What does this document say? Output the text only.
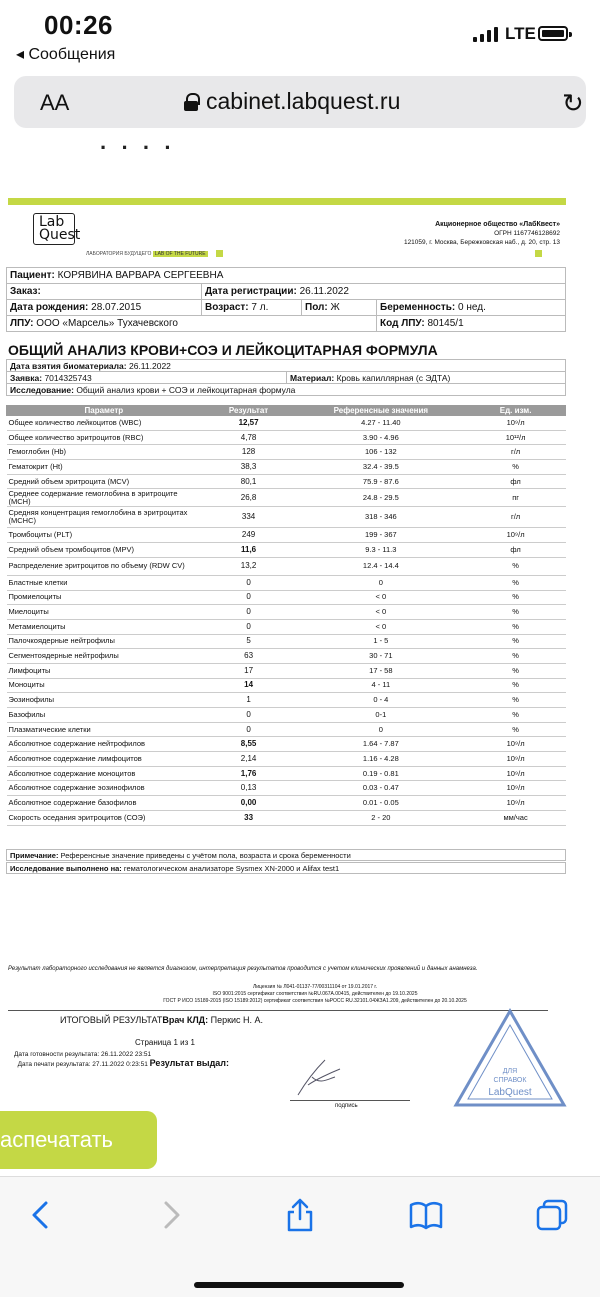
00:26
◂ Сообщения
LTE
AA	cabinet.labquest.ru	↻
· · · ·
Lab Quest
ЛАБОРАТОРИЯ БУДУЩЕГО LAB OF THE FUTURE
Акционерное общество «ЛабКвест»
ОГРН 1167746128692
121059, г. Москва, Бережковская наб., д. 20, стр. 13
Пациент: КОРЯВИНА ВАРВАРА СЕРГЕЕВНА			
Заказ:	Дата регистрации: 26.11.2022		
Дата рождения: 28.07.2015	Возраст: 7 л.	Пол: Ж	Беременность: 0 нед.
ЛПУ: ООО «Марсель» Тухачевского			Код ЛПУ: 80145/1
ОБЩИЙ АНАЛИЗ КРОВИ+СОЭ И ЛЕЙКОЦИТАРНАЯ ФОРМУЛА
Дата взятия биоматериала: 26.11.2022
Заявка: 7014325743	Материал: Кровь капиллярная (с ЭДТА)
Исследование: Общий анализ крови + СОЭ и лейкоцитарная формула
Параметр	Результат	Референсные значения	Ед. изм.
Общее количество лейкоцитов (WBC)	12,57	4.27 - 11.40	10⁹/л
Общее количество эритроцитов (RBC)	4,78	3.90 - 4.96	10¹²/л
Гемоглобин (Hb)	128	106 - 132	г/л
Гематокрит (Ht)	38,3	32.4 - 39.5	%
Средний объем эритроцита (MCV)	80,1	75.9 - 87.6	фл
Среднее содержание гемоглобина в эритроците (MCH)	26,8	24.8 - 29.5	пг
Средняя концентрация гемоглобина в эритроцитах (MCHC)	334	318 - 346	г/л
Тромбоциты (PLT)	249	199 - 367	10⁹/л
Средний объем тромбоцитов (MPV)	11,6	9.3 - 11.3	фл
Распределение эритроцитов по объему (RDW CV)	13,2	12.4 - 14.4	%
Бластные клетки	0	0	%
Промиелоциты	0	< 0	%
Миелоциты	0	< 0	%
Метамиелоциты	0	< 0	%
Палочкоядерные нейтрофилы	5	1 - 5	%
Сегментоядерные нейтрофилы	63	30 - 71	%
Лимфоциты	17	17 - 58	%
Моноциты	14	4 - 11	%
Эозинофилы	1	0 - 4	%
Базофилы	0	0-1	%
Плазматические клетки	0	0	%
Абсолютное содержание нейтрофилов	8,55	1.64 - 7.87	10⁹/л
Абсолютное содержание лимфоцитов	2,14	1.16 - 4.28	10⁹/л
Абсолютное содержание моноцитов	1,76	0.19 - 0.81	10⁹/л
Абсолютное содержание эозинофилов	0,13	0.03 - 0.47	10⁹/л
Абсолютное содержание базофилов	0,00	0.01 - 0.05	10⁹/л
Скорость оседания эритроцитов (СОЭ)	33	2 - 20	мм/час
Примечание: Референсные значение приведены с учётом пола, возраста и срока беременности
Исследование выполнено на: гематологическом анализаторе Sysmex XN-2000 и Alifax test1
Результат лабораторного исследования не является диагнозом, интерпретация результатов проводится с учетом клинических проявлений и данных анамнеза.
Лицензия № Л041-01137-77/00311104 от 19.01.2017 г.
ISO 9001:2015 сертификат соответствия №RU.067A.00415, действителен до 19.10.2025
ГОСТ Р ИСО 15189-2015 (ISO 15189:2012) сертификат соответствия №РОСС RU.32101.04ЖЗА1.209, действителен до 20.10.2025
ИТОГОВЫЙ РЕЗУЛЬТАТВрач КЛД: Перкис Н. А.
Страница 1 из 1
Дата готовности результата: 26.11.2022 23:51
Дата печати результата: 27.11.2022 0:23:51 Результат выдал:
подпись
ДЛЯ
СПРАВОК
LabQuest
аспечатать
